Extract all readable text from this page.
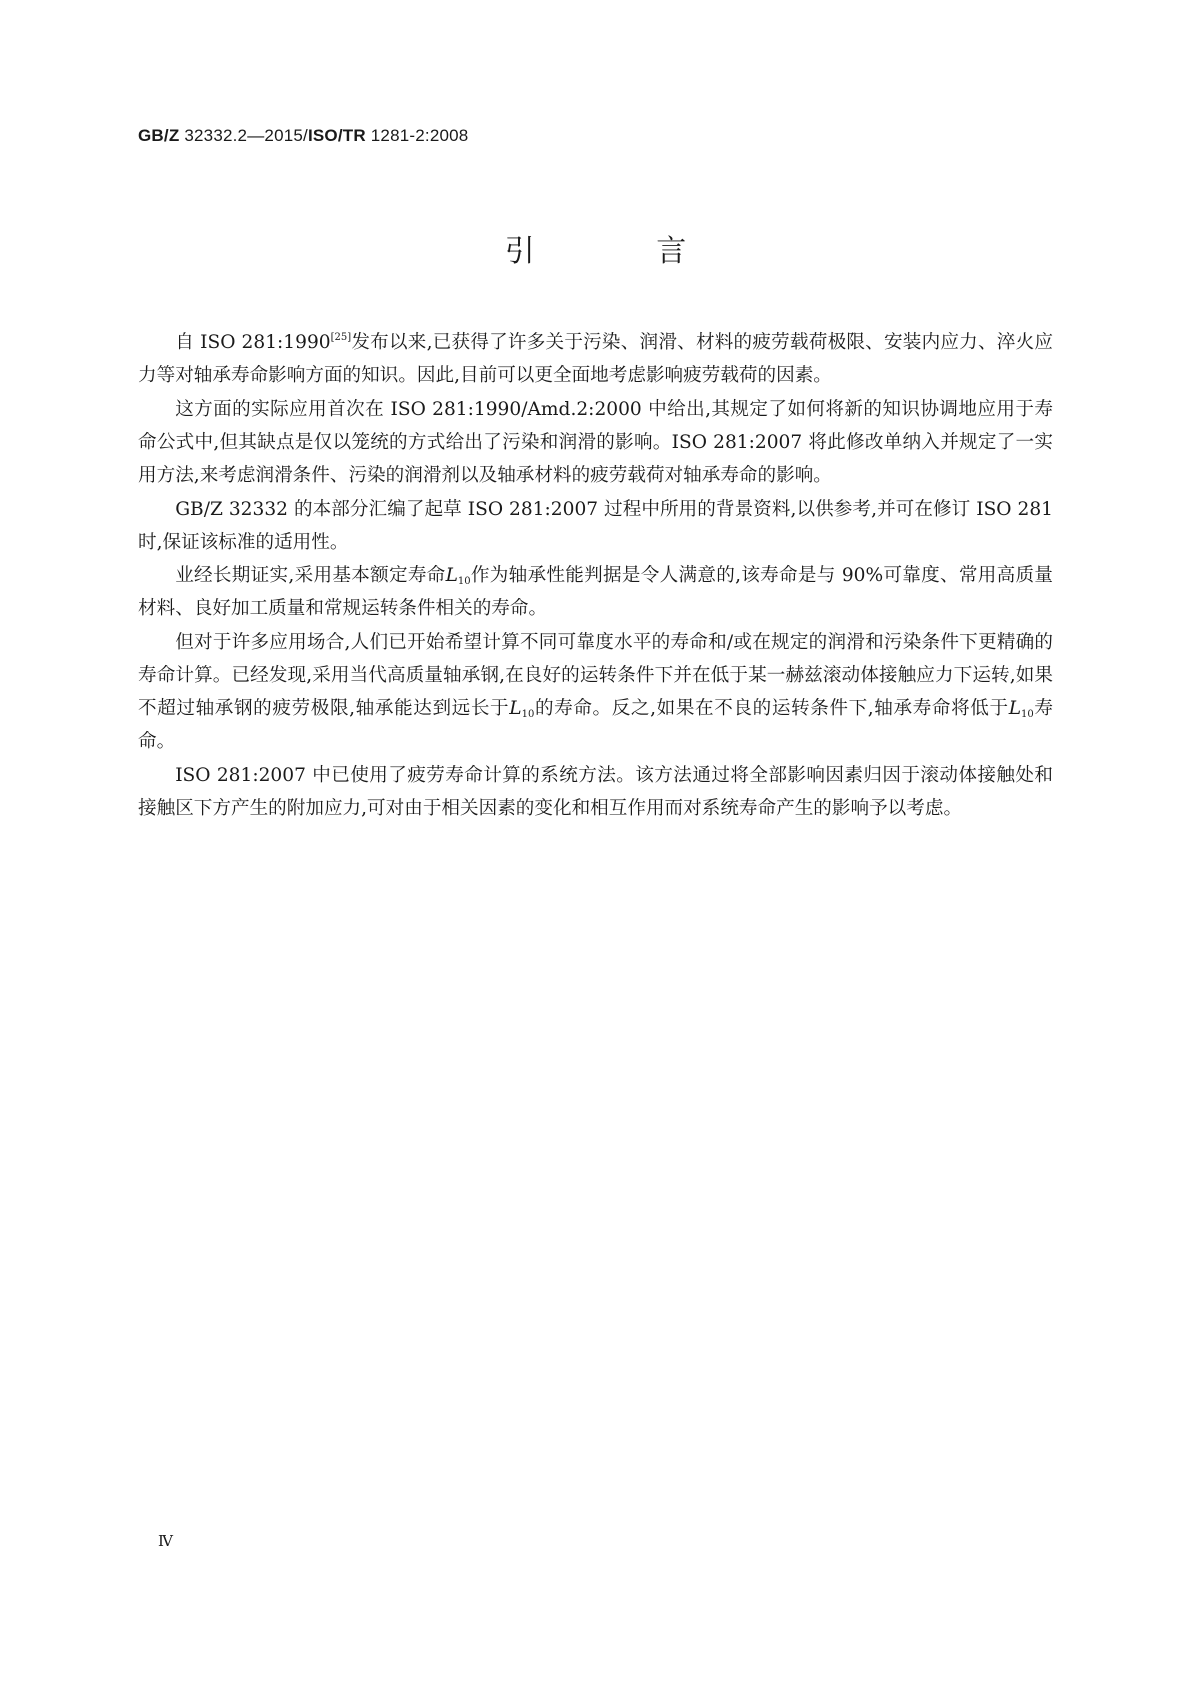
GB/Z 32332.2—2015/ISO/TR 1281-2:2008
引 言

自 ISO 281:1990[25]发布以来,已获得了许多关于污染、润滑、材料的疲劳载荷极限、安装内应力、淬火应力等对轴承寿命影响方面的知识。因此,目前可以更全面地考虑影响疲劳载荷的因素。

这方面的实际应用首次在 ISO 281:1990/Amd.2:2000 中给出,其规定了如何将新的知识协调地应用于寿命公式中,但其缺点是仅以笼统的方式给出了污染和润滑的影响。ISO 281:2007 将此修改单纳入并规定了一实用方法,来考虑润滑条件、污染的润滑剂以及轴承材料的疲劳载荷对轴承寿命的影响。

GB/Z 32332 的本部分汇编了起草 ISO 281:2007 过程中所用的背景资料,以供参考,并可在修订 ISO 281 时,保证该标准的适用性。

业经长期证实,采用基本额定寿命$L_{10}$作为轴承性能判据是令人满意的,该寿命是与 90%可靠度、常用高质量材料、良好加工质量和常规运转条件相关的寿命。

但对于许多应用场合,人们已开始希望计算不同可靠度水平的寿命和/或在规定的润滑和污染条件下更精确的寿命计算。已经发现,采用当代高质量轴承钢,在良好的运转条件下并在低于某一赫兹滚动体接触应力下运转,如果不超过轴承钢的疲劳极限,轴承能达到远长于$L_{10}$的寿命。反之,如果在不良的运转条件下,轴承寿命将低于$L_{10}$寿命。

ISO 281:2007 中已使用了疲劳寿命计算的系统方法。该方法通过将全部影响因素归因于滚动体接触处和接触区下方产生的附加应力,可对由于相关因素的变化和相互作用而对系统寿命产生的影响予以考虑。

Ⅳ
